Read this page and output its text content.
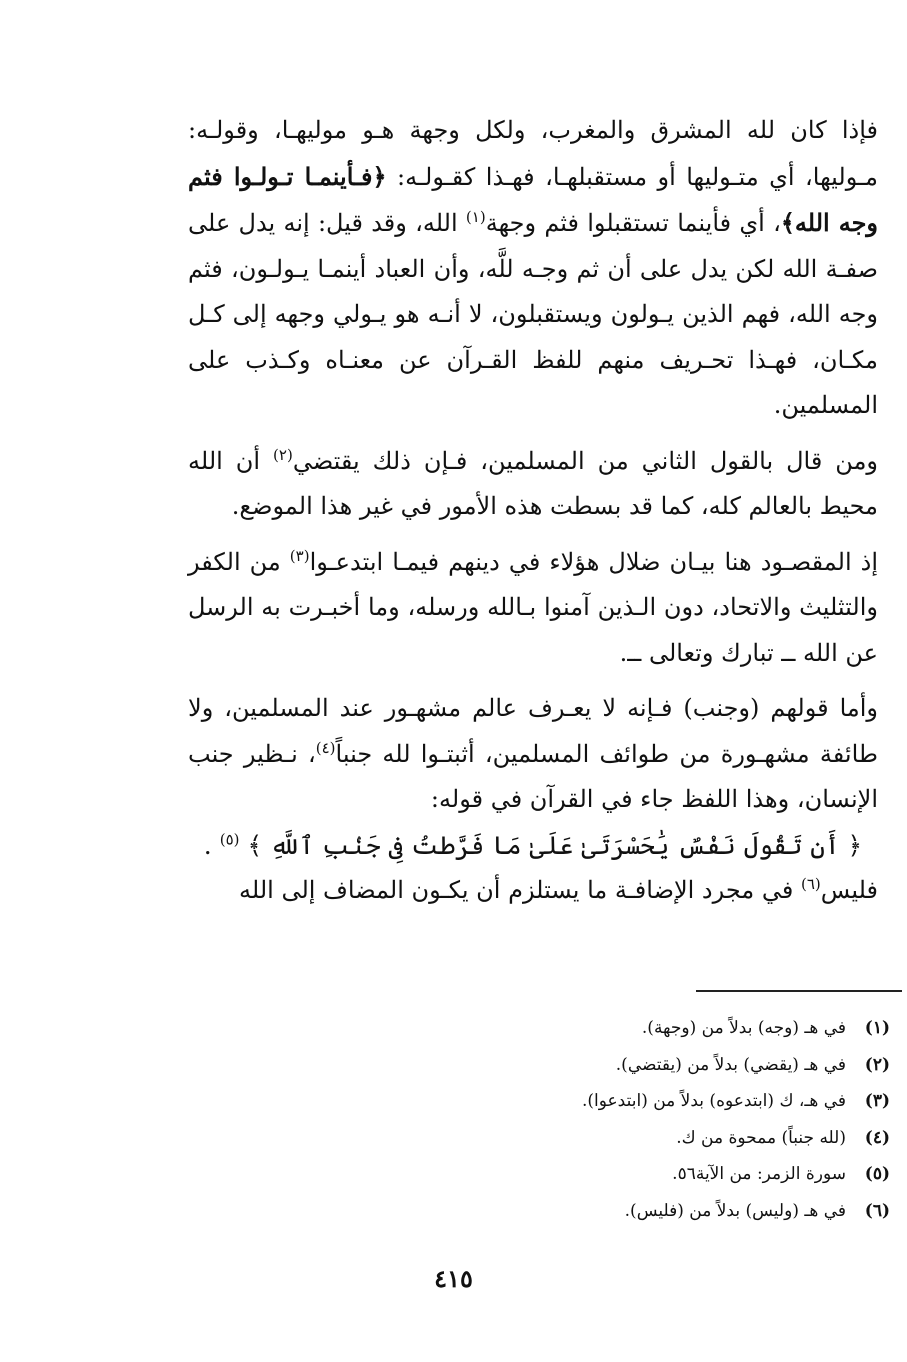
فإذا كان لله المشرق والمغرب، ولكل وجهة هـو موليهـا، وقولـه: مـوليها، أي متـوليها أو مستقبلهـا، فهـذا كقـولـه: ﴿فـأينمـا تـولـوا فثم وجه الله﴾، أي فأينما تستقبلوا فثم وجهة$^{(١)}$ الله، وقد قيل: إنه يدل على صفـة الله لكن يدل على أن ثم وجـه للَّه، وأن العباد أينمـا يـولـون، فثم وجه الله، فهم الذين يـولون ويستقبلون، لا أنـه هو يـولي وجهه إلى كـل مكـان، فهـذا تحـريف منهم للفظ القـرآن عن معنـاه وكـذب على المسلمين.

ومن قال بالقول الثاني من المسلمين، فـإن ذلك يقتضي$^{(٢)}$ أن الله محيط بالعالم كله، كما قد بسطت هذه الأمور في غير هذا الموضع.

إذ المقصـود هنا بيـان ضلال هؤلاء في دينهم فيمـا ابتدعـوا$^{(٣)}$ من الكفر والتثليث والاتحاد، دون الـذين آمنوا بـالله ورسله، وما أخبـرت به الرسل عن الله ــ تبارك وتعالى ــ.

وأما قولهم (وجنب) فـإنه لا يعـرف عالم مشهـور عند المسلمين، ولا طائفة مشهـورة من طوائف المسلمين، أثبتـوا لله جنباً$^{(٤)}$، نـظير جنب الإنسان، وهذا اللفظ جاء في القرآن في قوله:

﴿ أَن تَقُولَ نَفْسٌ يَٰحَسْرَتَىٰ عَلَىٰ مَا فَرَّطتُ فِى جَنۢبِ ٱللَّهِ ﴾ $^{(٥)}$ .

فليس$^{(٦)}$ في مجرد الإضافـة ما يستلزم أن يكـون المضاف إلى الله

(١)في هـ (وجه) بدلاً من (وجهة).
(٢)في هـ (يقضي) بدلاً من (يقتضي).
(٣)في هـ، ك (ابتدعوه) بدلاً من (ابتدعوا).
(٤)(لله جنباً) ممحوة من ك.
(٥)سورة الزمر: من الآية٥٦.
(٦)في هـ (وليس) بدلاً من (فليس).
٤١٥
